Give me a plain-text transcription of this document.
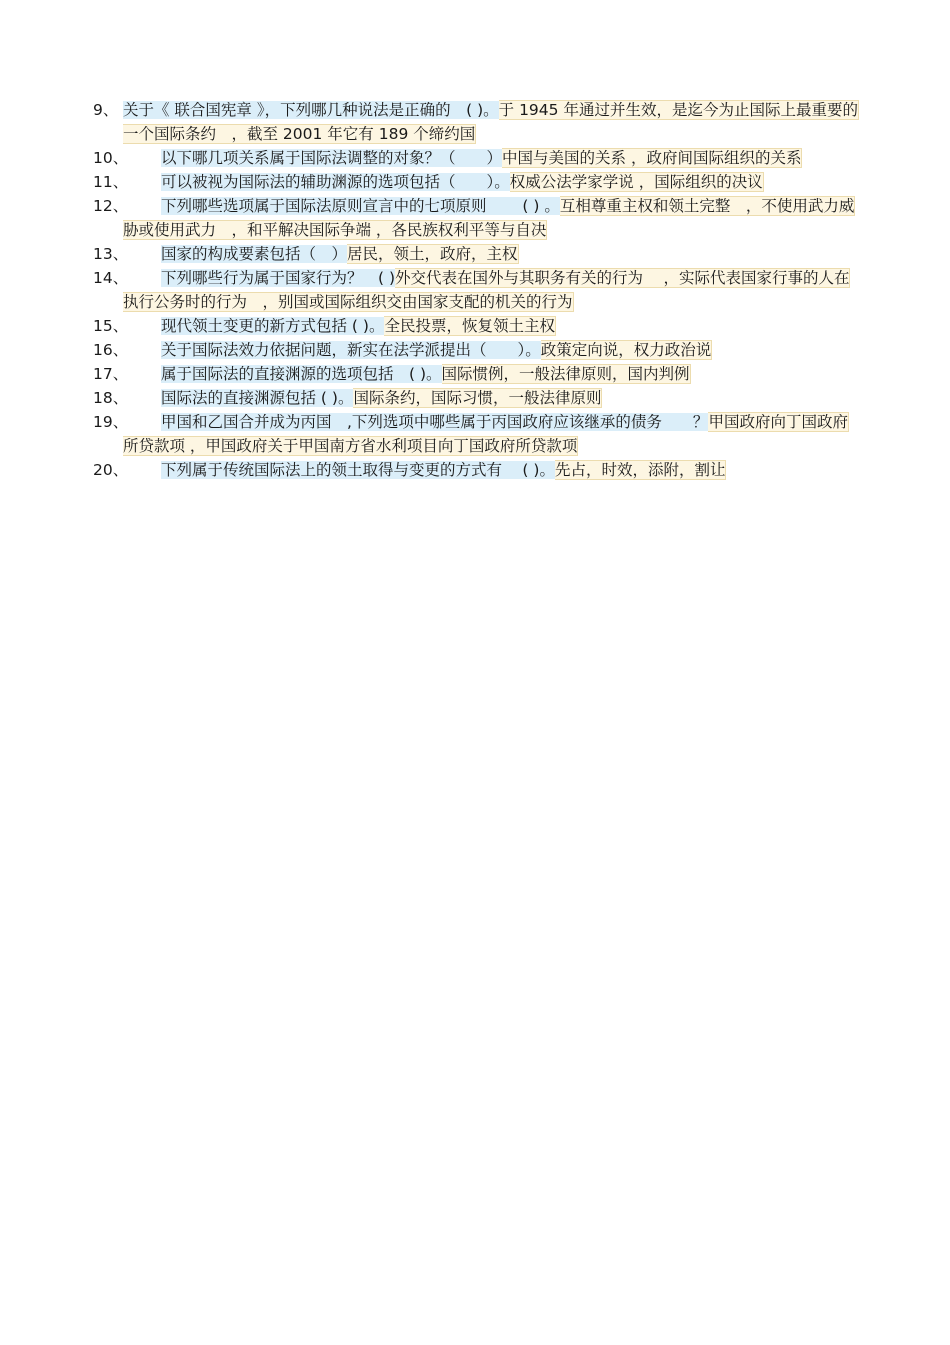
9、 关于《 联合国宪章 》，下列哪几种说法是正确的　( )。于 1945 年通过并生效，是迄今为止国际上最重要的一个国际条约　，截至 2001 年它有 189 个缔约国
10、	以下哪几项关系属于国际法调整的对象？（　　）中国与美国的关系 ，政府间国际组织的关系
11、	可以被视为国际法的辅助渊源的选项包括（　　）。权威公法学家学说 ，国际组织的决议
12、	下列哪些选项属于国际法原则宣言中的七项原则　　 ( ) 。互相尊重主权和领土完整　，不使用武力威胁或使用武力　，和平解决国际争端 ，各民族权利平等与自决
13、	国家的构成要素包括（　）居民，领土，政府，主权
14、	下列哪些行为属于国家行为？　( )外交代表在国外与其职务有关的行为　 ，实际代表国家行事的人在执行公务时的行为　，别国或国际组织交由国家支配的机关的行为
15、	现代领土变更的新方式包括 ( )。全民投票，恢复领土主权
16、	关于国际法效力依据问题，新实在法学派提出（　　）。政策定向说，权力政治说
17、	属于国际法的直接渊源的选项包括　( )。国际惯例，一般法律原则，国内判例
18、	国际法的直接渊源包括 ( )。国际条约，国际习惯，一般法律原则
19、	甲国和乙国合并成为丙国　,下列选项中哪些属于丙国政府应该继承的债务　　？甲国政府向丁国政府所贷款项 ，甲国政府关于甲国南方省水利项目向丁国政府所贷款项
20、	下列属于传统国际法上的领土取得与变更的方式有　 ( )。先占，时效，添附，割让
